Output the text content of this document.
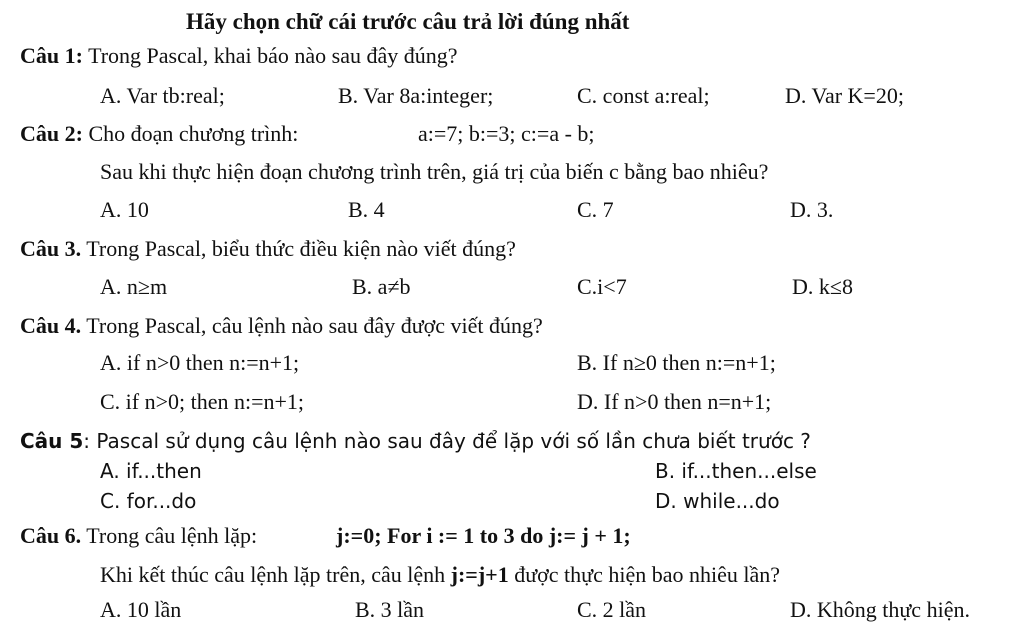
Hãy chọn chữ cái trước câu trả lời đúng nhất
Câu 1: Trong Pascal, khai báo nào sau đây đúng?
A. Var tb:real;	B. Var 8a:integer;	C. const a:real;	D. Var K=20;
Câu 2: Cho đoạn chương trình:	a:=7; b:=3; c:=a - b;
Sau khi thực hiện đoạn chương trình trên, giá trị của biến c bằng bao nhiêu?
A. 10	B. 4	C. 7	D. 3.
Câu 3. Trong Pascal, biểu thức điều kiện nào viết đúng?
A. n≥m	B. a≠b	C.i<7	D. k≤8
Câu 4. Trong Pascal, câu lệnh nào sau đây được viết đúng?
A. if n>0 then n:=n+1;	B. If n≥0 then n:=n+1;
C. if n>0; then n:=n+1;	D. If n>0 then n=n+1;
Câu 5: Pascal sử dụng câu lệnh nào sau đây để lặp với số lần chưa biết trước ?
A. if...then	B. if...then...else
C. for...do	D. while...do
Câu 6. Trong câu lệnh lặp:	j:=0; For i := 1 to 3 do j:= j + 1;
Khi kết thúc câu lệnh lặp trên, câu lệnh j:=j+1 được thực hiện bao nhiêu lần?
A. 10 lần	B. 3 lần	C. 2 lần	D. Không thực hiện.
